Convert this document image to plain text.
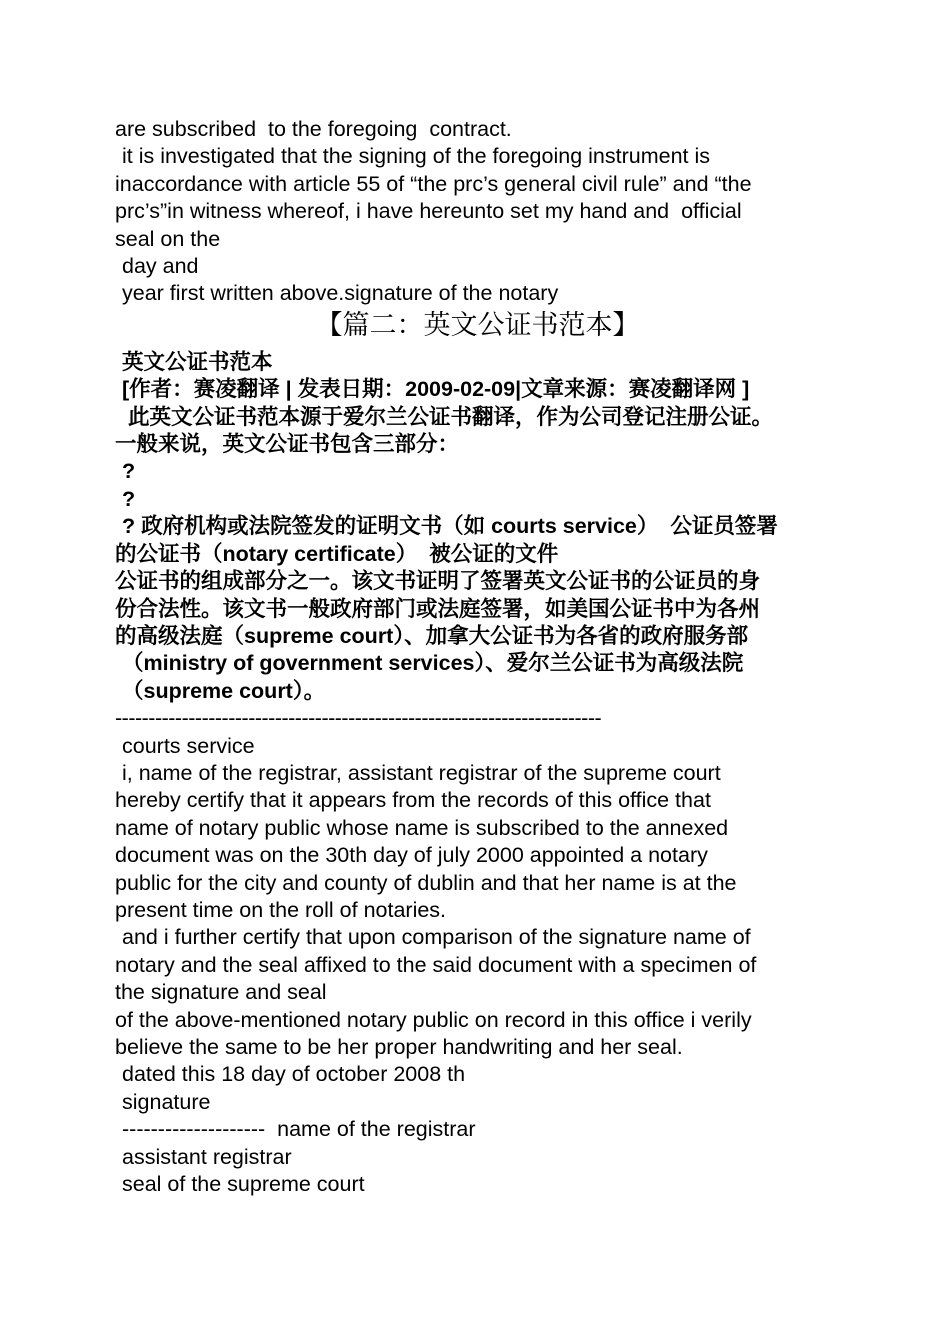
are subscribed  to the foregoing  contract.
it is investigated that the signing of the foregoing instrument is
inaccordance with article 55 of “the prc’s general civil rule” and “the
prc’s”in witness whereof, i have hereunto set my hand and  official
seal on the
day and
year first written above.signature of the notary
【篇二：英文公证书范本】
英文公证书范本
[作者：赛凌翻译 | 发表日期：2009-02-09|文章来源：赛凌翻译网 ]
此英文公证书范本源于爱尔兰公证书翻译，作为公司登记注册公证。
一般来说，英文公证书包含三部分：
?
?
? 政府机构或法院签发的证明文书（如 courts service）  公证员签署
的公证书（notary certificate）  被公证的文件
公证书的组成部分之一。该文书证明了签署英文公证书的公证员的身
份合法性。该文书一般政府部门或法庭签署，如美国公证书中为各州
的高级法庭（supreme court）、加拿大公证书为各省的政府服务部
（ministry of government services）、爱尔兰公证书为高级法院
（supreme court）。
-------------------------------------------------------------------------
courts service
i, name of the registrar, assistant registrar of the supreme court
hereby certify that it appears from the records of this office that
name of notary public whose name is subscribed to the annexed
document was on the 30th day of july 2000 appointed a notary
public for the city and county of dublin and that her name is at the
present time on the roll of notaries.
and i further certify that upon comparison of the signature name of
notary and the seal affixed to the said document with a specimen of
the signature and seal
of the above-mentioned notary public on record in this office i verily
believe the same to be her proper handwriting and her seal.
dated this 18 day of october 2008 th
signature
--------------------  name of the registrar
assistant registrar
seal of the supreme court
